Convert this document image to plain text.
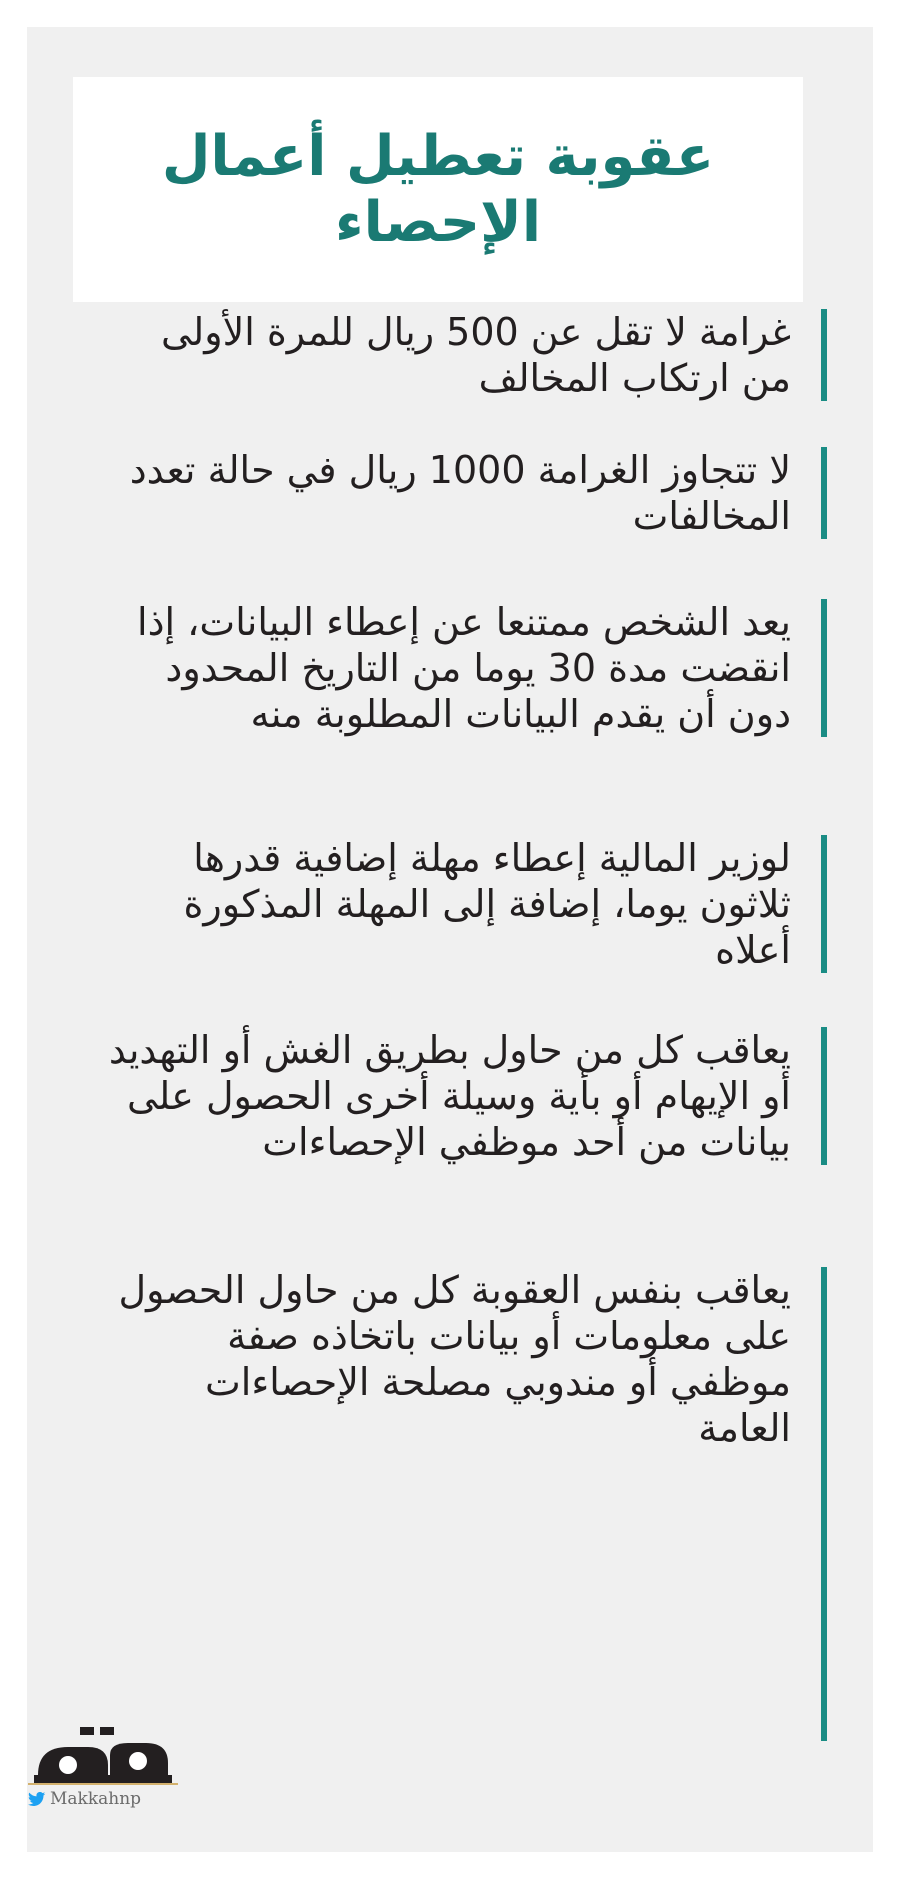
عقوبة تعطيل أعمال الإحصاء
غرامة لا تقل عن 500 ريال للمرة الأولى من ارتكاب المخالف
لا تتجاوز الغرامة 1000 ريال في حالة تعدد المخالفات
يعد الشخص ممتنعا عن إعطاء البيانات، إذا انقضت مدة 30 يوما من التاريخ المحدود دون أن يقدم البيانات المطلوبة منه
لوزير المالية إعطاء مهلة إضافية قدرها ثلاثون يوما، إضافة إلى المهلة المذكورة أعلاه
يعاقب كل من حاول بطريق الغش أو التهديد أو الإيهام أو بأية وسيلة أخرى الحصول على بيانات من أحد موظفي الإحصاءات
يعاقب بنفس العقوبة كل من حاول الحصول على معلومات أو بيانات باتخاذه صفة موظفي أو مندوبي مصلحة الإحصاءات العامة
Makkahnp
